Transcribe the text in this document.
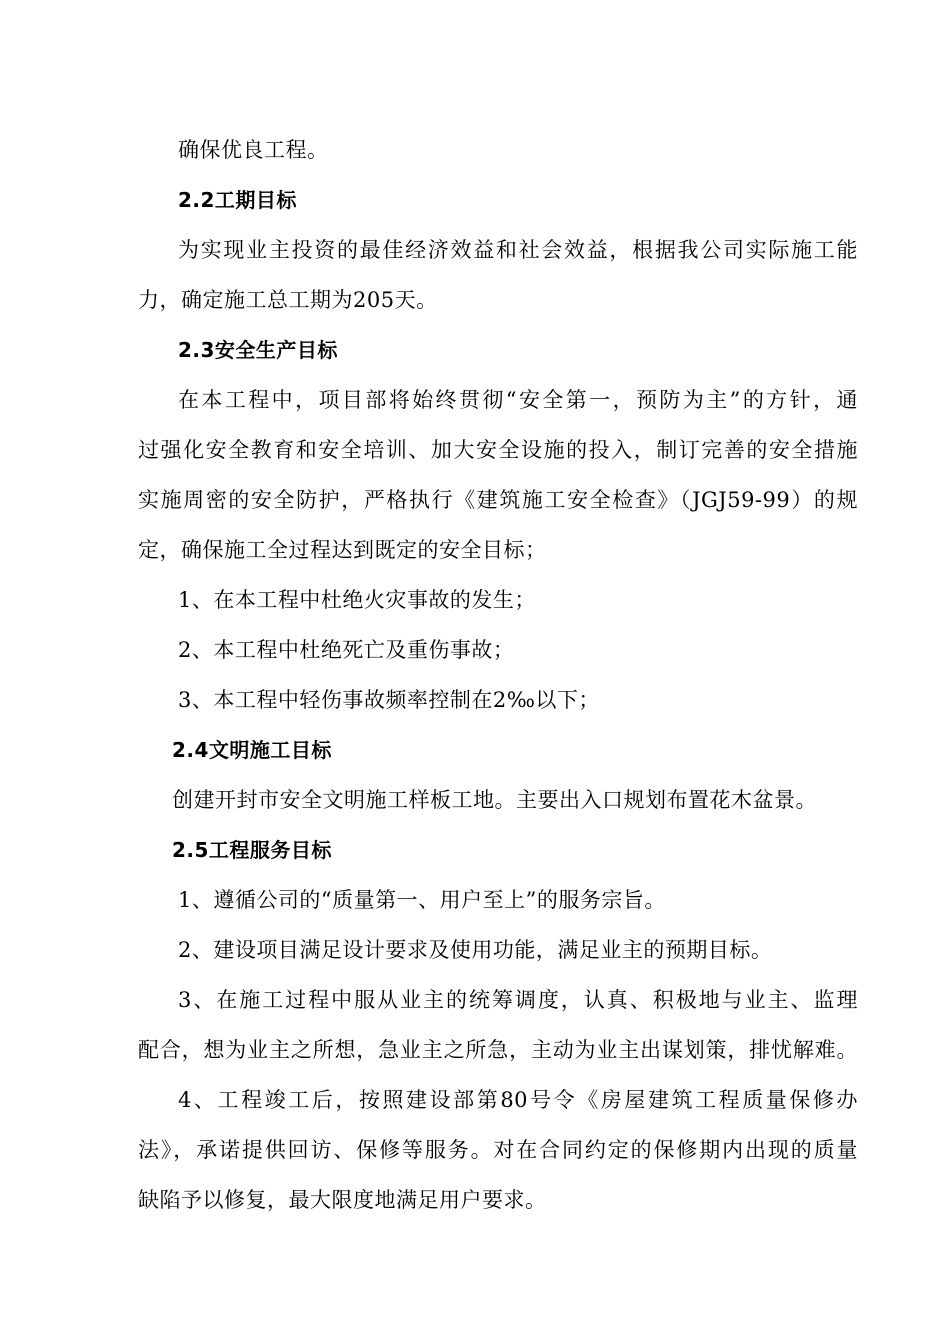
确保优良工程。
2.2工期目标
为实现业主投资的最佳经济效益和社会效益，根据我公司实际施工能
力，确定施工总工期为205天。
2.3安全生产目标
在本工程中，项目部将始终贯彻“安全第一，预防为主”的方针，通
过强化安全教育和安全培训、加大安全设施的投入，制订完善的安全措施
实施周密的安全防护，严格执行《建筑施工安全检查》（JGJ59-99）的规
定，确保施工全过程达到既定的安全目标；
1、在本工程中杜绝火灾事故的发生；
2、本工程中杜绝死亡及重伤事故；
3、本工程中轻伤事故频率控制在2‰以下；
2.4文明施工目标
创建开封市安全文明施工样板工地。主要出入口规划布置花木盆景。
2.5工程服务目标
1、遵循公司的“质量第一、用户至上”的服务宗旨。
2、建设项目满足设计要求及使用功能，满足业主的预期目标。
3、在施工过程中服从业主的统筹调度，认真、积极地与业主、监理
配合，想为业主之所想，急业主之所急，主动为业主出谋划策，排忧解难。
4、工程竣工后，按照建设部第80号令《房屋建筑工程质量保修办
法》，承诺提供回访、保修等服务。对在合同约定的保修期内出现的质量
缺陷予以修复，最大限度地满足用户要求。
